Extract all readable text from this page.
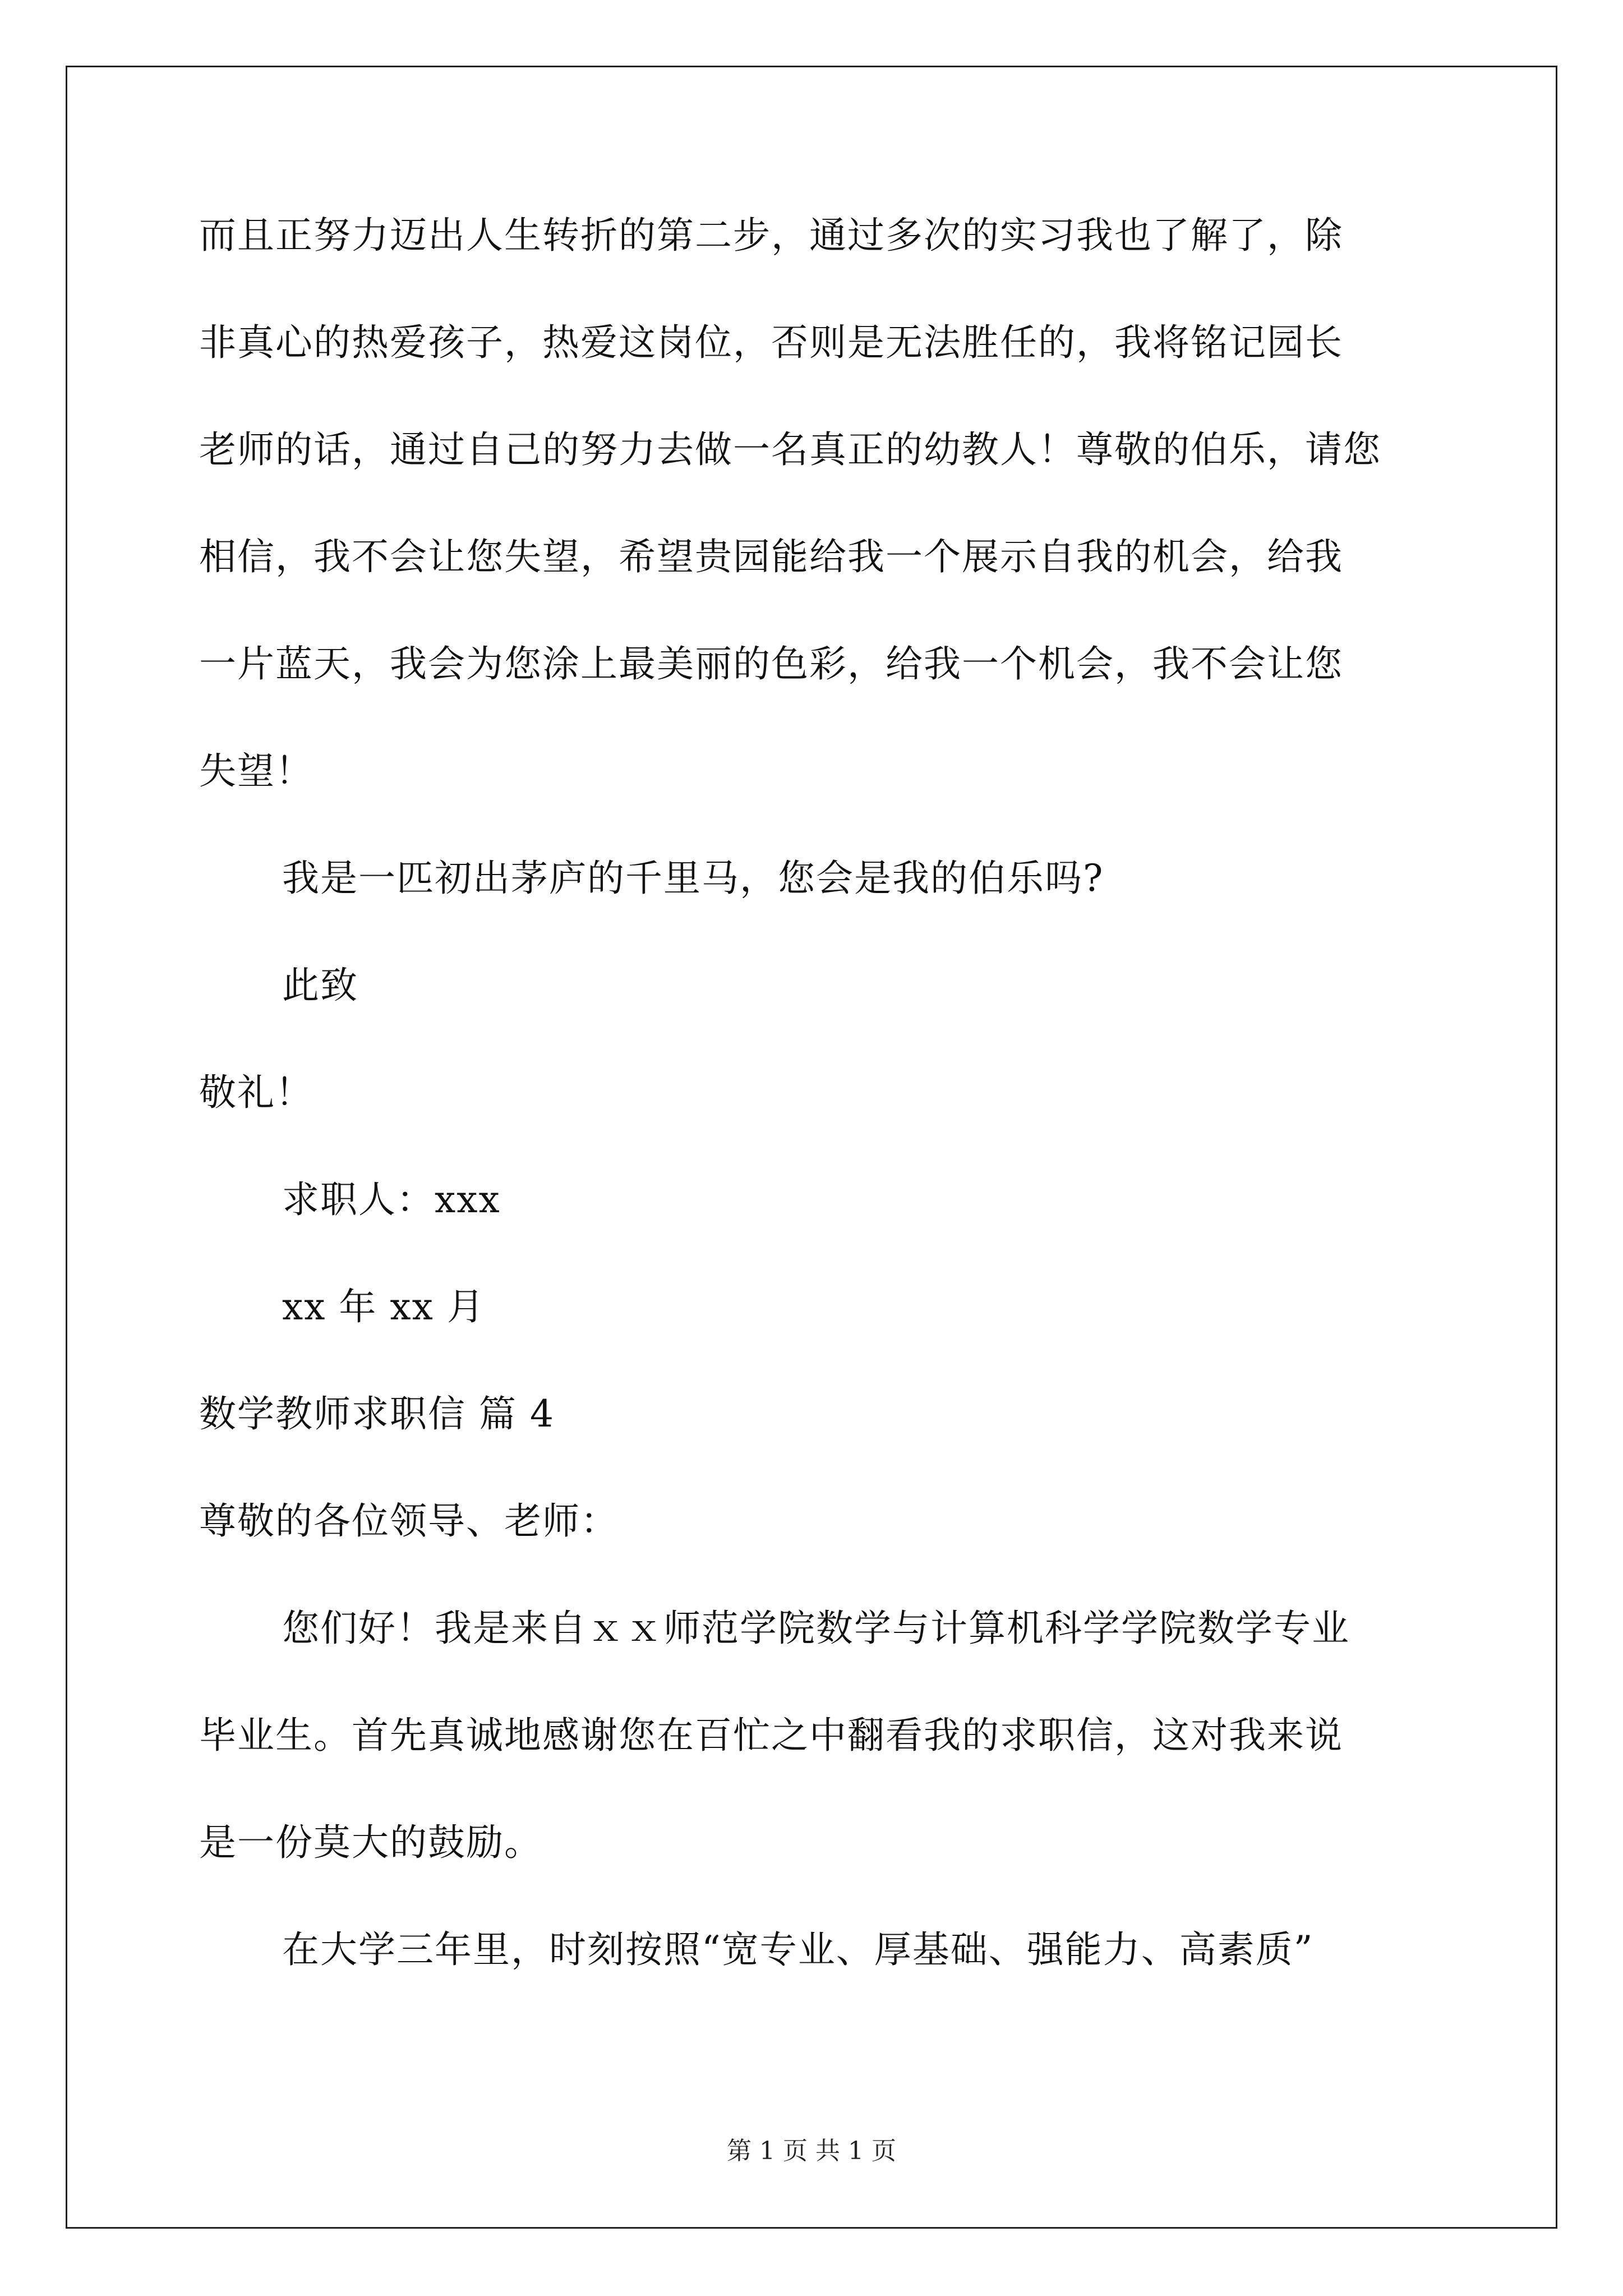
而且正努力迈出人生转折的第二步，通过多次的实习我也了解了，除
非真心的热爱孩子，热爱这岗位，否则是无法胜任的，我将铭记园长
老师的话，通过自己的努力去做一名真正的幼教人！尊敬的伯乐，请您
相信，我不会让您失望，希望贵园能给我一个展示自我的机会，给我
一片蓝天，我会为您涂上最美丽的色彩，给我一个机会，我不会让您
失望！
我是一匹初出茅庐的千里马，您会是我的伯乐吗?
此致
敬礼！
求职人：xxx
xx 年 xx 月
数学教师求职信 篇 4
尊敬的各位领导、老师：
您们好！我是来自ｘｘ师范学院数学与计算机科学学院数学专业
毕业生。首先真诚地感谢您在百忙之中翻看我的求职信，这对我来说
是一份莫大的鼓励。
在大学三年里，时刻按照“宽专业、厚基础、强能力、高素质”
第 1 页 共 1 页
